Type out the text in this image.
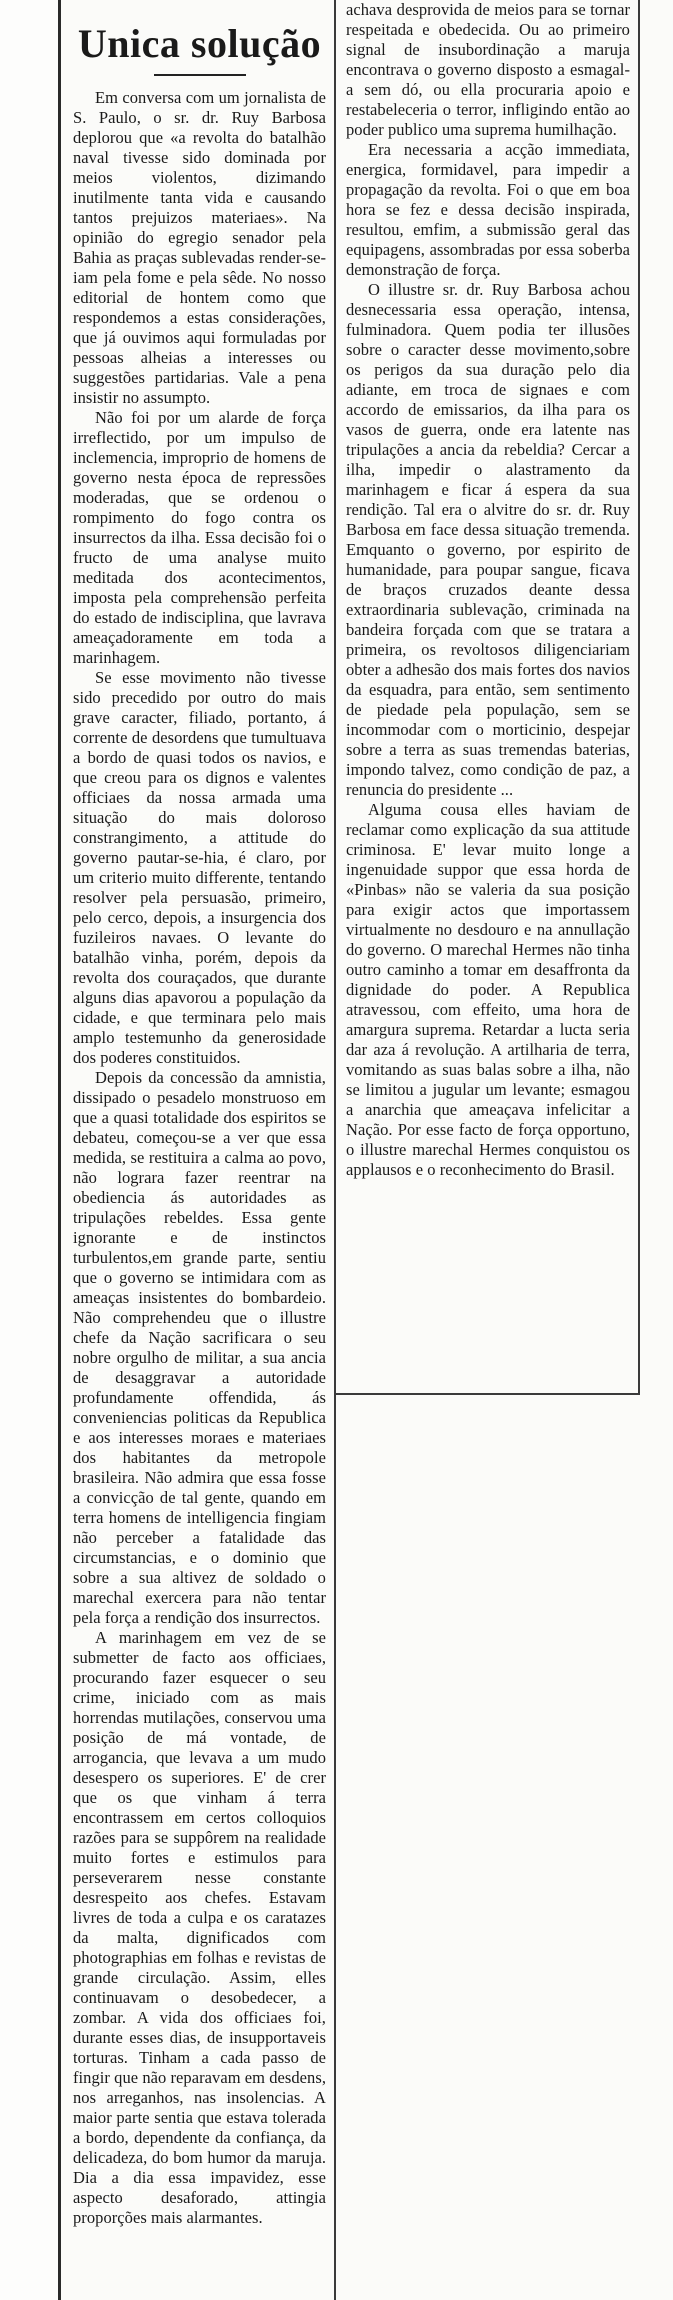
Unica solução

Em conversa com um jornalista de S. Paulo, o sr. dr. Ruy Barbosa deplorou que «a revolta do batalhão naval tivesse sido dominada por meios violentos, dizimando inutilmente tanta vida e causando tantos prejuizos materiaes». Na opinião do egregio senador pela Bahia as praças sublevadas render-se-iam pela fome e pela sêde. No nosso editorial de hontem como que respondemos a estas considerações, que já ouvimos aqui formuladas por pessoas alheias a interesses ou suggestões partidarias. Vale a pena insistir no assumpto.

Não foi por um alarde de força irreflectido, por um impulso de inclemencia, improprio de homens de governo nesta época de repressões moderadas, que se ordenou o rompimento do fogo contra os insurrectos da ilha. Essa decisão foi o fructo de uma analyse muito meditada dos acontecimentos, imposta pela comprehensão perfeita do estado de indisciplina, que lavrava ameaçadoramente em toda a marinhagem.

Se esse movimento não tivesse sido precedido por outro do mais grave caracter, filiado, portanto, á corrente de desordens que tumultuava a bordo de quasi todos os navios, e que creou para os dignos e valentes officiaes da nossa armada uma situação do mais doloroso constrangimento, a attitude do governo pautar-se-hia, é claro, por um criterio muito differente, tentando resolver pela persuasão, primeiro, pelo cerco, depois, a insurgencia dos fuzileiros navaes. O levante do batalhão vinha, porém, depois da revolta dos couraçados, que durante alguns dias apavorou a população da cidade, e que terminara pelo mais amplo testemunho da generosidade dos poderes constituidos.

Depois da concessão da amnistia, dissipado o pesadelo monstruoso em que a quasi totalidade dos espiritos se debateu, começou-se a ver que essa medida, se restituira a calma ao povo, não lograra fazer reentrar na obediencia ás autoridades as tripulações rebeldes. Essa gente ignorante e de instinctos turbulentos,em grande parte, sentiu que o governo se intimidara com as ameaças insistentes do bombardeio. Não comprehendeu que o illustre chefe da Nação sacrificara o seu nobre orgulho de militar, a sua ancia de desaggravar a autoridade profundamente offendida, ás conveniencias politicas da Republica e aos interesses moraes e materiaes dos habitantes da metropole brasileira. Não admira que essa fosse a convicção de tal gente, quando em terra homens de intelligencia fingiam não perceber a fatalidade das circumstancias, e o dominio que sobre a sua altivez de soldado o marechal exercera para não tentar pela força a rendição dos insurrectos.

A marinhagem em vez de se submetter de facto aos officiaes, procurando fazer esquecer o seu crime, iniciado com as mais horrendas mutilações, conservou uma posição de má vontade, de arrogancia, que levava a um mudo desespero os superiores. E' de crer que os que vinham á terra encontrassem em certos colloquios razões para se suppôrem na realidade muito fortes e estimulos para perseverarem nesse constante desrespeito aos chefes. Estavam livres de toda a culpa e os caratazes da malta, dignificados com photographias em folhas e revistas de grande circulação. Assim, elles continuavam o desobedecer, a zombar. A vida dos officiaes foi, durante esses dias, de insupportaveis torturas. Tinham a cada passo de fingir que não reparavam em desdens, nos arreganhos, nas insolencias. A maior parte sentia que estava tolerada a bordo, dependente da confiança, da delicadeza, do bom humor da maruja. Dia a dia essa impavidez, esse aspecto desaforado, attingia proporções mais alarmantes.

achava desprovida de meios para se tornar respeitada e obedecida. Ou ao primeiro signal de insubordinação a maruja encontrava o governo disposto a esmagal-a sem dó, ou ella procuraria apoio e restabeleceria o terror, infligindo então ao poder publico uma suprema humilhação.

Era necessaria a acção immediata, energica, formidavel, para impedir a propagação da revolta. Foi o que em boa hora se fez e dessa decisão inspirada, resultou, emfim, a submissão geral das equipagens, assombradas por essa soberba demonstração de força.

O illustre sr. dr. Ruy Barbosa achou desnecessaria essa operação, intensa, fulminadora. Quem podia ter illusões sobre o caracter desse movimento,sobre os perigos da sua duração pelo dia adiante, em troca de signaes e com accordo de emissarios, da ilha para os vasos de guerra, onde era latente nas tripulações a ancia da rebeldia? Cercar a ilha, impedir o alastramento da marinhagem e ficar á espera da sua rendição. Tal era o alvitre do sr. dr. Ruy Barbosa em face dessa situação tremenda. Emquanto o governo, por espirito de humanidade, para poupar sangue, ficava de braços cruzados deante dessa extraordinaria sublevação, criminada na bandeira forçada com que se tratara a primeira, os revoltosos diligenciariam obter a adhesão dos mais fortes dos navios da esquadra, para então, sem sentimento de piedade pela população, sem se incommodar com o morticinio, despejar sobre a terra as suas tremendas baterias, impondo talvez, como condição de paz, a renuncia do presidente ...

Alguma cousa elles haviam de reclamar como explicação da sua attitude criminosa. E' levar muito longe a ingenuidade suppor que essa horda de «Pinbas» não se valeria da sua posição para exigir actos que importassem virtualmente no desdouro e na annullação do governo. O marechal Hermes não tinha outro caminho a tomar em desaffronta da dignidade do poder. A Republica atravessou, com effeito, uma hora de amargura suprema. Retardar a lucta seria dar aza á revolução. A artilharia de terra, vomitando as suas balas sobre a ilha, não se limitou a jugular um levante; esmagou a anarchia que ameaçava infelicitar a Nação. Por esse facto de força opportuno, o illustre marechal Hermes conquistou os applausos e o reconhecimento do Brasil.
